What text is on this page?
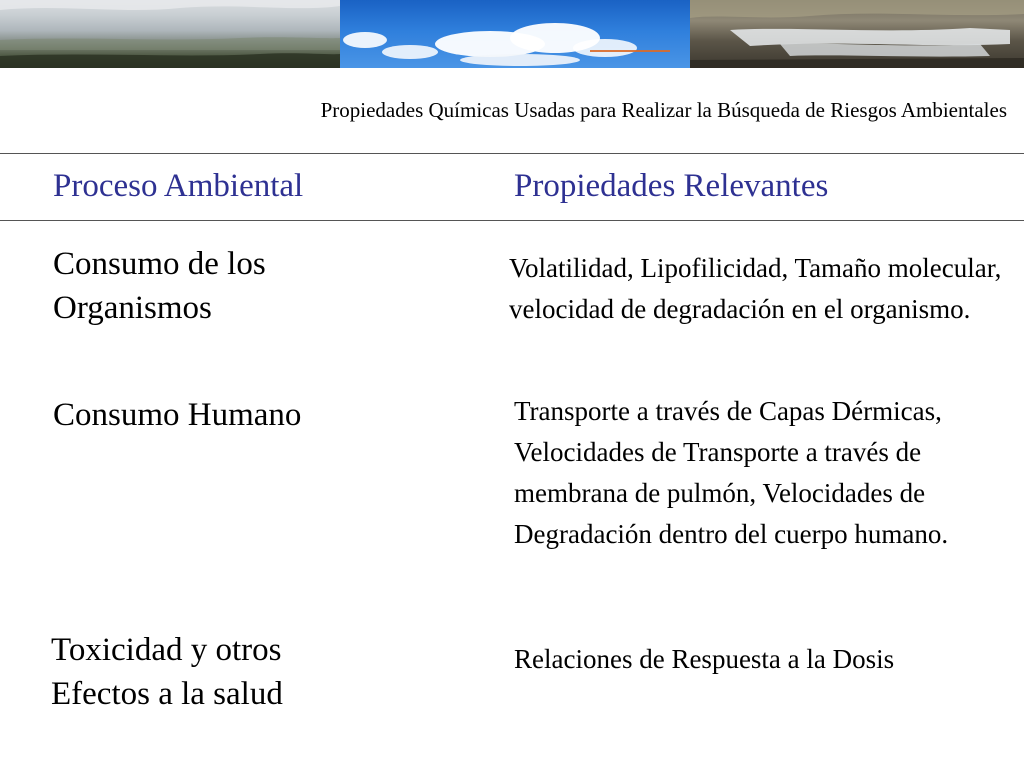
Propiedades Químicas Usadas para Realizar la Búsqueda de Riesgos Ambientales
Proceso Ambiental	Propiedades Relevantes
Consumo de los Organismos
Volatilidad, Lipofilicidad, Tamaño molecular, velocidad de degradación en el organismo.
Consumo Humano	Transporte a través de Capas Dérmicas, Velocidades de Transporte a través de membrana de pulmón, Velocidades de Degradación dentro del cuerpo humano.
Toxicidad y otros Efectos a la salud
Relaciones de Respuesta a la Dosis
